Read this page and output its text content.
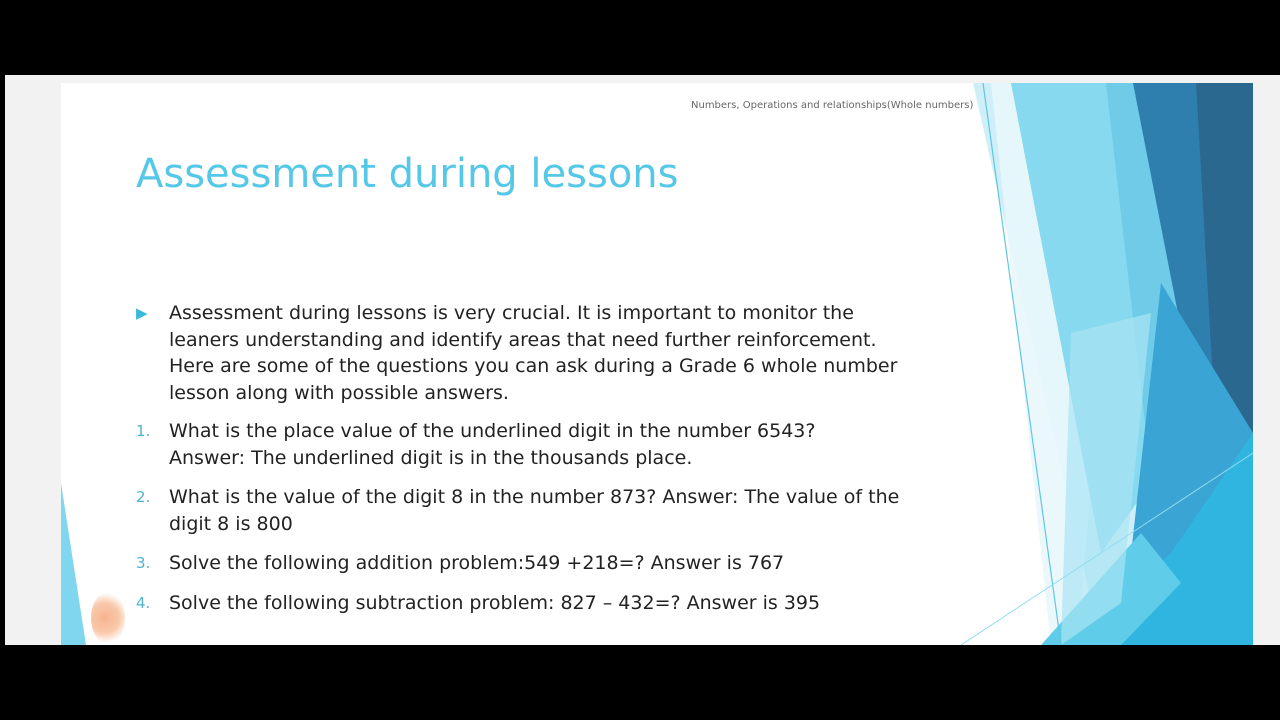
Numbers, Operations and relationships(Whole numbers)
Assessment during lessons
▶ Assessment during lessons is very crucial. It is important to monitor the
leaners understanding and identify areas that need further reinforcement.
Here are some of the questions you can ask during a Grade 6 whole number
lesson along with possible answers.
1. What is the place value of the underlined digit in the number 6543?
Answer: The underlined digit is in the thousands place.
2. What is the value of the digit 8 in the number 873? Answer: The value of the
digit 8 is 800
3. Solve the following addition problem:549 +218=? Answer is 767
4. Solve the following subtraction problem: 827 – 432=? Answer is 395
